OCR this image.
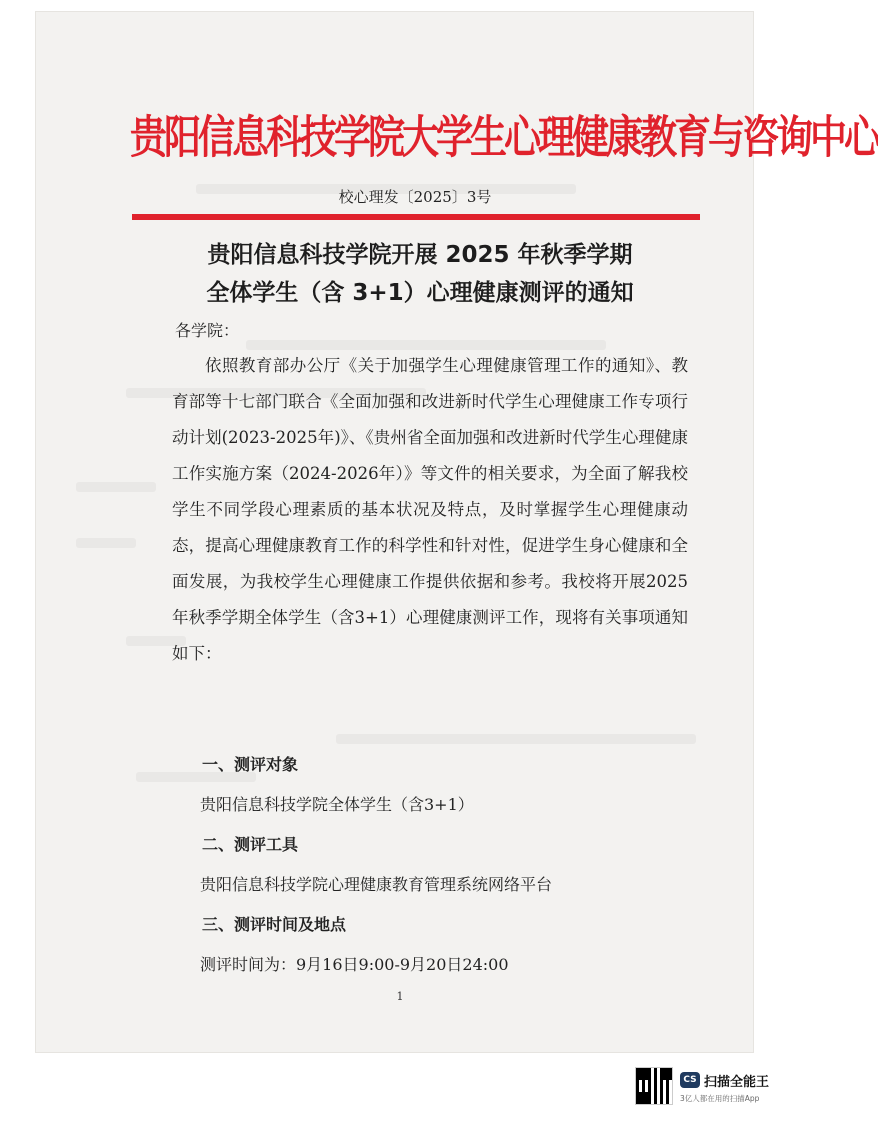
贵阳信息科技学院大学生心理健康教育与咨询中心
校心理发〔2025〕3号
贵阳信息科技学院开展 2025 年秋季学期
全体学生（含 3+1）心理健康测评的通知
各学院：
依照教育部办公厅《关于加强学生心理健康管理工作的通知》、教育部等十七部门联合《全面加强和改进新时代学生心理健康工作专项行动计划(2023-2025年)》、《贵州省全面加强和改进新时代学生心理健康工作实施方案（2024-2026年）》等文件的相关要求，为全面了解我校学生不同学段心理素质的基本状况及特点，及时掌握学生心理健康动态，提高心理健康教育工作的科学性和针对性，促进学生身心健康和全面发展，为我校学生心理健康工作提供依据和参考。我校将开展2025年秋季学期全体学生（含3+1）心理健康测评工作，现将有关事项通知如下：
一、测评对象
贵阳信息科技学院全体学生（含3+1）
二、测评工具
贵阳信息科技学院心理健康教育管理系统网络平台
三、测评时间及地点
测评时间为：9月16日9:00-9月20日24:00
1
CS 扫描全能王
3亿人都在用的扫描App
